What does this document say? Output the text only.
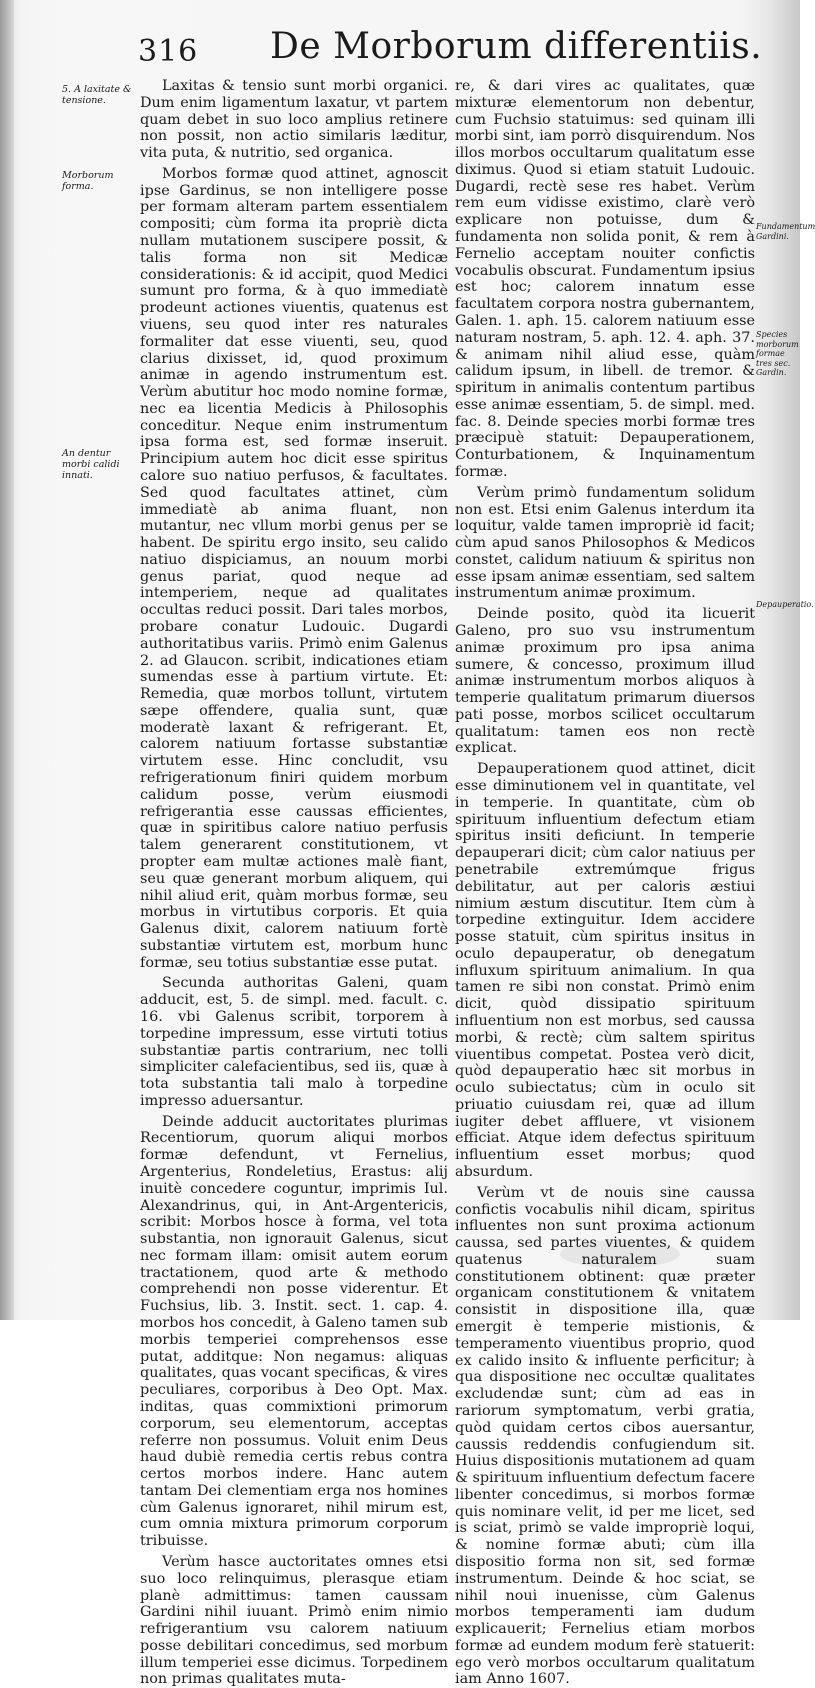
316 De Morborum differentiis.
5. A laxitate & tensione.
Morborum forma.
An dentur morbi calidi innati.
Fundamentum Gardini.
Species morborum formae tres sec. Gardin.
Depauperatio.

Laxitas & tensio sunt morbi organici. Dum enim ligamentum laxatur, vt partem quam debet in suo loco amplius retinere non possit, non actio similaris læditur, vita puta, & nutritio, sed organica.

Morbos formæ quod attinet, agnoscit ipse Gardinus, se non intelligere posse per formam alteram partem essentialem compositi; cùm forma ita propriè dicta nullam mutationem suscipere possit, & talis forma non sit Medicæ considerationis: & id accipit, quod Medici sumunt pro forma, & à quo immediatè prodeunt actiones viuentis, quatenus est viuens, seu quod inter res naturales formaliter dat esse viuenti, seu, quod clarius dixisset, id, quod proximum animæ in agendo instrumentum est. Verùm abutitur hoc modo nomine formæ, nec ea licentia Medicis à Philosophis conceditur. Neque enim instrumentum ipsa forma est, sed formæ inseruit. Principium autem hoc dicit esse spiritus calore suo natiuo perfusos, & facultates. Sed quod facultates attinet, cùm immediatè ab anima fluant, non mutantur, nec vllum morbi genus per se habent. De spiritu ergo insito, seu calido natiuo dispiciamus, an nouum morbi genus pariat, quod neque ad intemperiem, neque ad qualitates occultas reduci possit. Dari tales morbos, probare conatur Ludouic. Dugardi authoritatibus variis. Primò enim Galenus 2. ad Glaucon. scribit, indicationes etiam sumendas esse à partium virtute. Et: Remedia, quæ morbos tollunt, virtutem sæpe offendere, qualia sunt, quæ moderatè laxant & refrigerant. Et, calorem natiuum fortasse substantiæ virtutem esse. Hinc concludit, vsu refrigerationum finiri quidem morbum calidum posse, verùm eiusmodi refrigerantia esse caussas efficientes, quæ in spiritibus calore natiuo perfusis talem generarent constitutionem, vt propter eam multæ actiones malè fiant, seu quæ generant morbum aliquem, qui nihil aliud erit, quàm morbus formæ, seu morbus in virtutibus corporis. Et quia Galenus dixit, calorem natiuum fortè substantiæ virtutem est, morbum hunc formæ, seu totius substantiæ esse putat.

Secunda authoritas Galeni, quam adducit, est, 5. de simpl. med. facult. c. 16. vbi Galenus scribit, torporem à torpedine impressum, esse virtuti totius substantiæ partis contrarium, nec tolli simpliciter calefacientibus, sed iis, quæ à tota substantia tali malo à torpedine impresso aduersantur.

Deinde adducit auctoritates plurimas Recentiorum, quorum aliqui morbos formæ defendunt, vt Fernelius, Argenterius, Rondeletius, Erastus: alij inuitè concedere coguntur, imprimis Iul. Alexandrinus, qui, in Ant-Argentericis, scribit: Morbos hosce à forma, vel tota substantia, non ignorauit Galenus, sicut nec formam illam: omisit autem eorum tractationem, quod arte & methodo comprehendi non posse viderentur. Et Fuchsius, lib. 3. Instit. sect. 1. cap. 4. morbos hos concedit, à Galeno tamen sub morbis temperiei comprehensos esse putat, additque: Non negamus: aliquas qualitates, quas vocant specificas, & vires peculiares, corporibus à Deo Opt. Max. inditas, quas commixtioni primorum corporum, seu elementorum, acceptas referre non possumus. Voluit enim Deus haud dubiè remedia certis rebus contra certos morbos indere. Hanc autem tantam Dei clementiam erga nos homines cùm Galenus ignoraret, nihil mirum est, cum omnia mixtura primorum corporum tribuisse.

Verùm hasce auctoritates omnes etsi suo loco relinquimus, plerasque etiam planè admittimus: tamen caussam Gardini nihil iuuant. Primò enim nimio refrigerantium vsu calorem natiuum posse debilitari concedimus, sed morbum illum temperiei esse dicimus. Torpedinem non primas qualitates muta-

re, & dari vires ac qualitates, quæ mixturæ elementorum non debentur, cum Fuchsio statuimus: sed quinam illi morbi sint, iam porrò disquirendum. Nos illos morbos occultarum qualitatum esse diximus. Quod si etiam statuit Ludouic. Dugardi, rectè sese res habet. Verùm rem eum vidisse existimo, clarè verò explicare non potuisse, dum & fundamenta non solida ponit, & rem à Fernelio acceptam nouiter confictis vocabulis obscurat. Fundamentum ipsius est hoc; calorem innatum esse facultatem corpora nostra gubernantem, Galen. 1. aph. 15. calorem natiuum esse naturam nostram, 5. aph. 12. 4. aph. 37. & animam nihil aliud esse, quàm calidum ipsum, in libell. de tremor. & spiritum in animalis contentum partibus esse animæ essentiam, 5. de simpl. med. fac. 8. Deinde species morbi formæ tres præcipuè statuit: Depauperationem, Conturbationem, & Inquinamentum formæ.

Verùm primò fundamentum solidum non est. Etsi enim Galenus interdum ita loquitur, valde tamen impropriè id facit; cùm apud sanos Philosophos & Medicos constet, calidum natiuum & spiritus non esse ipsam animæ essentiam, sed saltem instrumentum animæ proximum.

Deinde posito, quòd ita licuerit Galeno, pro suo vsu instrumentum animæ proximum pro ipsa anima sumere, & concesso, proximum illud animæ instrumentum morbos aliquos à temperie qualitatum primarum diuersos pati posse, morbos scilicet occultarum qualitatum: tamen eos non rectè explicat.

Depauperationem quod attinet, dicit esse diminutionem vel in quantitate, vel in temperie. In quantitate, cùm ob spirituum influentium defectum etiam spiritus insiti deficiunt. In temperie depauperari dicit; cùm calor natiuus per penetrabile extremúmque frigus debilitatur, aut per caloris æstiui nimium æstum discutitur. Item cùm à torpedine extinguitur. Idem accidere posse statuit, cùm spiritus insitus in oculo depauperatur, ob denegatum influxum spirituum animalium. In qua tamen re sibi non constat. Primò enim dicit, quòd dissipatio spirituum influentium non est morbus, sed caussa morbi, & rectè; cùm saltem spiritus viuentibus competat. Postea verò dicit, quòd depauperatio hæc sit morbus in oculo subiectatus; cùm in oculo sit priuatio cuiusdam rei, quæ ad illum iugiter debet affluere, vt visionem efficiat. Atque idem defectus spirituum influentium esset morbus; quod absurdum.

Verùm vt de nouis sine caussa confictis vocabulis nihil dicam, spiritus influentes non sunt proxima actionum caussa, sed partes viuentes, & quidem quatenus naturalem suam constitutionem obtinent: quæ præter organicam constitutionem & vnitatem consistit in dispositione illa, quæ emergit è temperie mistionis, & temperamento viuentibus proprio, quod ex calido insito & influente perficitur; à qua dispositione nec occultæ qualitates excludendæ sunt; cùm ad eas in rariorum symptomatum, verbi gratia, quòd quidam certos cibos auersantur, caussis reddendis confugiendum sit. Huius dispositionis mutationem ad quam & spirituum influentium defectum facere libenter concedimus, si morbos formæ quis nominare velit, id per me licet, sed is sciat, primò se valde impropriè loqui, & nomine formæ abuti; cùm illa dispositio forma non sit, sed formæ instrumentum. Deinde & hoc sciat, se nihil noui inuenisse, cùm Galenus morbos temperamenti iam dudum explicauerit; Fernelius etiam morbos formæ ad eundem modum ferè statuerit: ego verò morbos occultarum qualitatum iam Anno 1607.
